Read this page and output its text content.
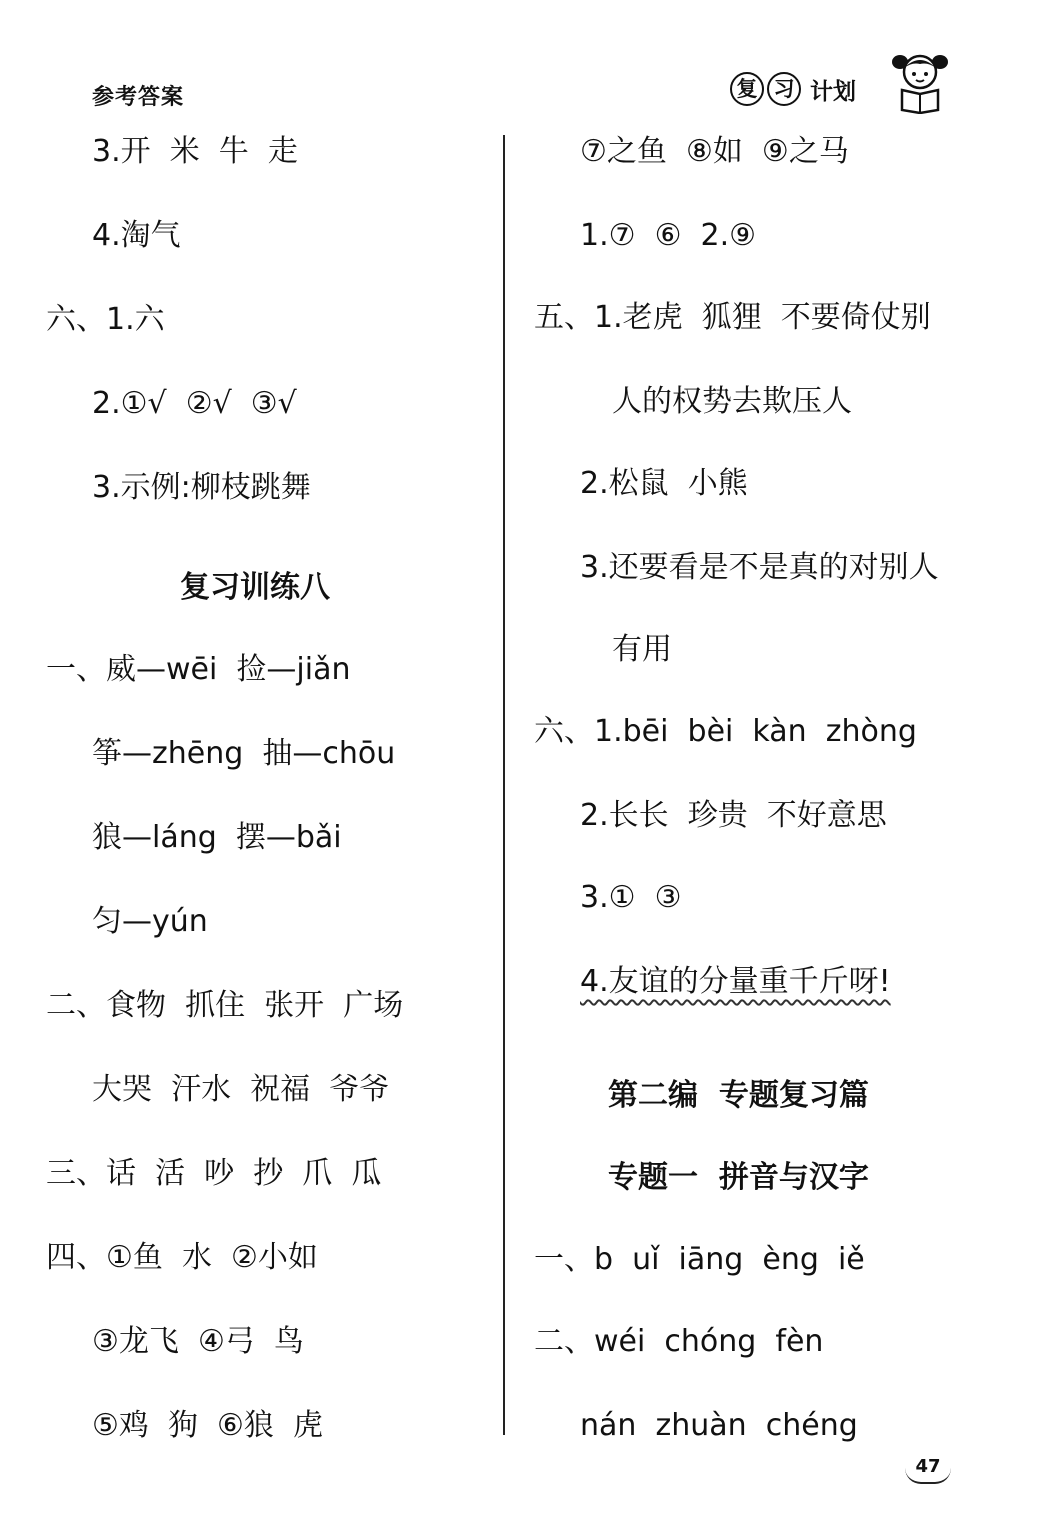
参考答案	复 习 计划
3.开  米  牛  走
4.淘气
六、1.六
2.①√  ②√  ③√
3.示例:柳枝跳舞
复习训练八
一、威—wēi  捡—jiǎn
筝—zhēng  抽—chōu
狼—láng  摆—bǎi
匀—yún
二、食物  抓住  张开  广场
大哭  汗水  祝福  爷爷
三、话  活  吵  抄  爪  瓜
四、①鱼  水  ②小如
③龙飞  ④弓  鸟
⑤鸡  狗  ⑥狼  虎
⑦之鱼  ⑧如  ⑨之马
1.⑦  ⑥  2.⑨
五、1.老虎  狐狸  不要倚仗别
人的权势去欺压人
2.松鼠  小熊
3.还要看是不是真的对别人
有用
六、1.bēi  bèi  kàn  zhòng
2.长长  珍贵  不好意思
3.①  ③
4.友谊的分量重千斤呀!
第二编  专题复习篇
专题一  拼音与汉字
一、b  uǐ  iāng  èng  iě
二、wéi  chóng  fèn
nán  zhuàn  chéng
47
